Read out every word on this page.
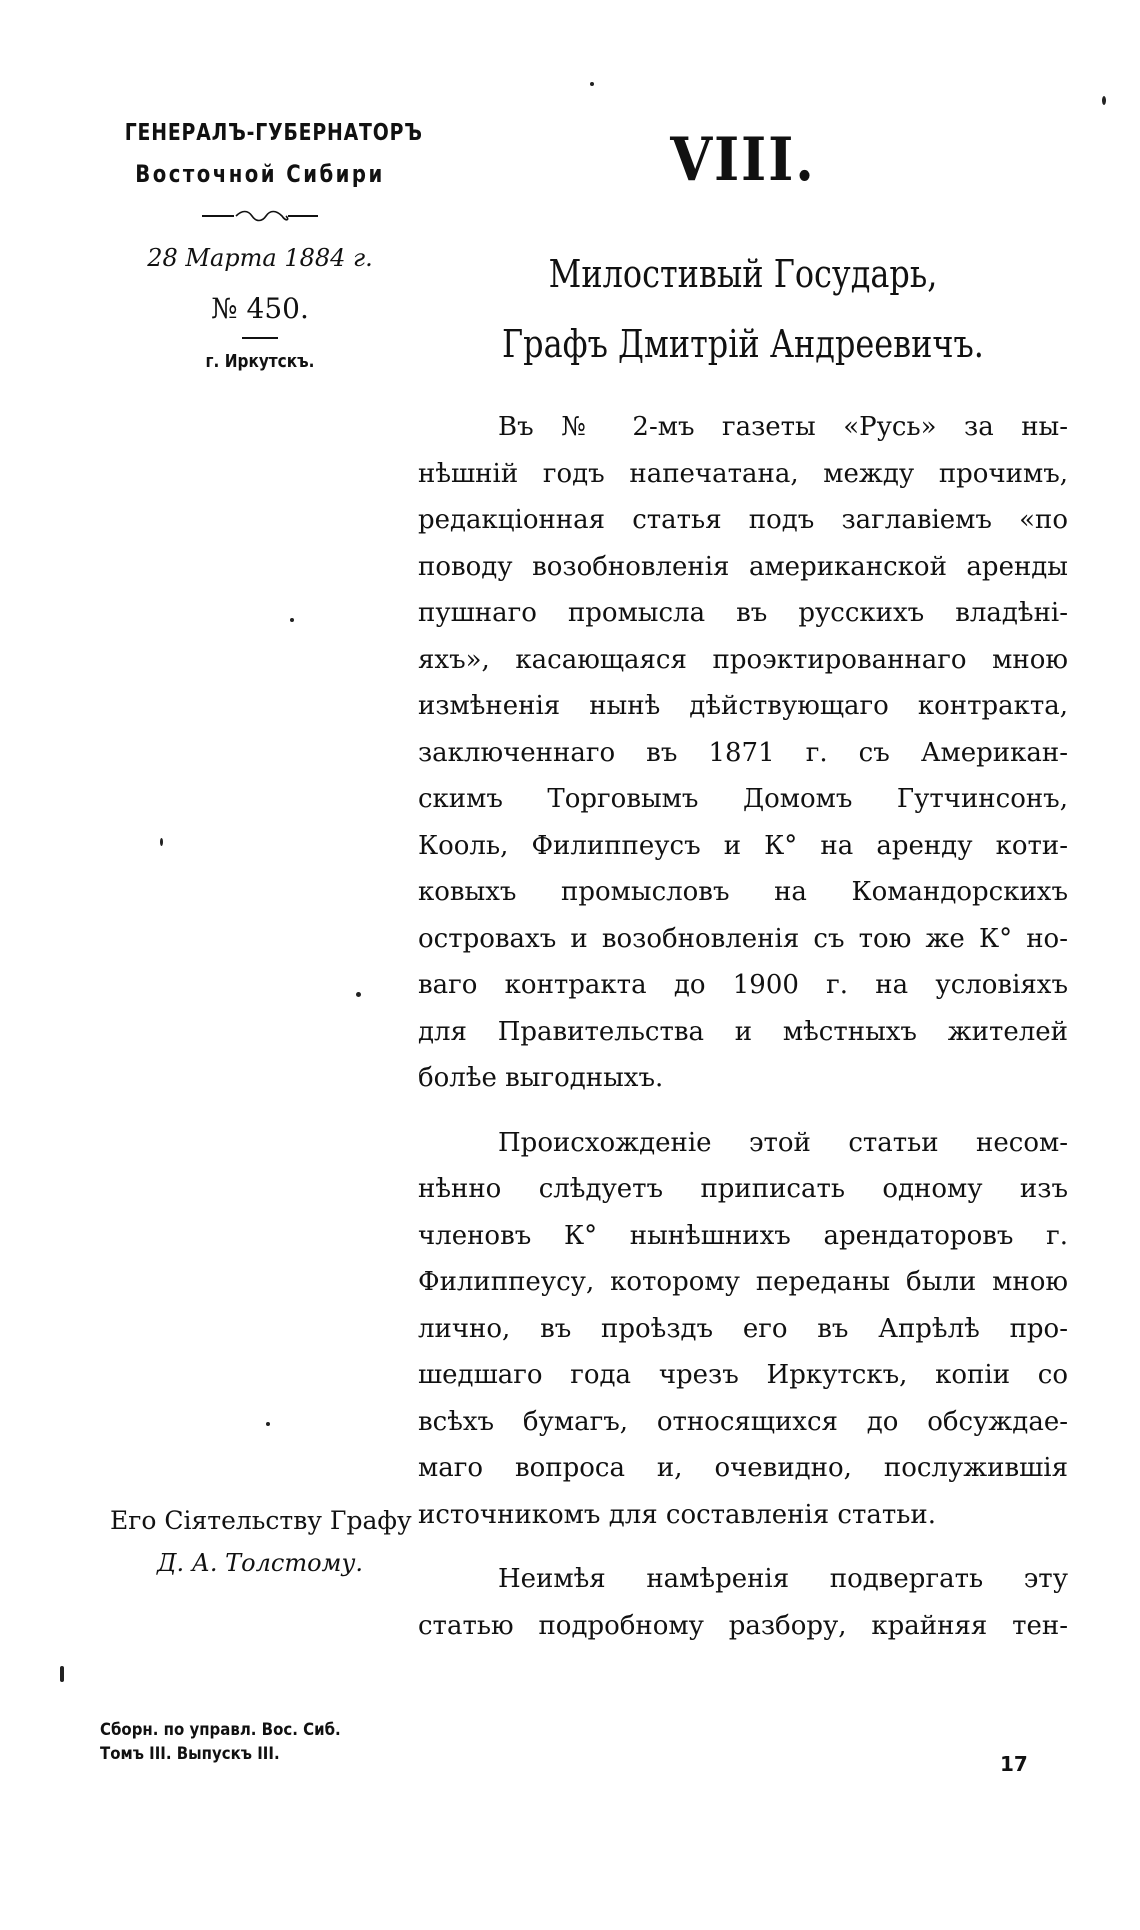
ГЕНЕРАЛЪ-ГУБЕРНАТОРЪ
Восточной Сибири
28 Марта 1884 г.
№ 450.
г. Иркутскъ.
VIII.
Милостивый Государь,
Графъ Дмитрій Андреевичъ.
Въ № 2-мъ газеты «Русь» за ны-
нѣшній годъ напечатана, между прочимъ,
редакціонная статья подъ заглавіемъ «по
поводу возобновленія американской аренды
пушнаго промысла въ русскихъ владѣні-
яхъ», касающаяся проэктированнаго мною
измѣненія нынѣ дѣйствующаго контракта,
заключеннаго въ 1871 г. съ Американ-
скимъ Торговымъ Домомъ Гутчинсонъ,
Кооль, Филиппеусъ и К° на аренду коти-
ковыхъ промысловъ на Командорскихъ
островахъ и возобновленія съ тою же К° но-
ваго контракта до 1900 г. на условіяхъ
для Правительства и мѣстныхъ жителей
болѣе выгодныхъ.
Происхожденіе этой статьи несом-
нѣнно слѣдуетъ приписать одному изъ
членовъ К° нынѣшнихъ арендаторовъ г.
Филиппеусу, которому переданы были мною
лично, въ проѣздъ его въ Апрѣлѣ про-
шедшаго года чрезъ Иркутскъ, копіи со
всѣхъ бумагъ, относящихся до обсуждае-
маго вопроса и, очевидно, послужившія
источникомъ для составленія статьи.
Неимѣя намѣренія подвергать эту
статью подробному разбору, крайняя тен-
Его Сіятельству Графу
Д. А. Толстому.
Сборн. по управл. Вос. Сиб.
Томъ III. Выпускъ III.	17
